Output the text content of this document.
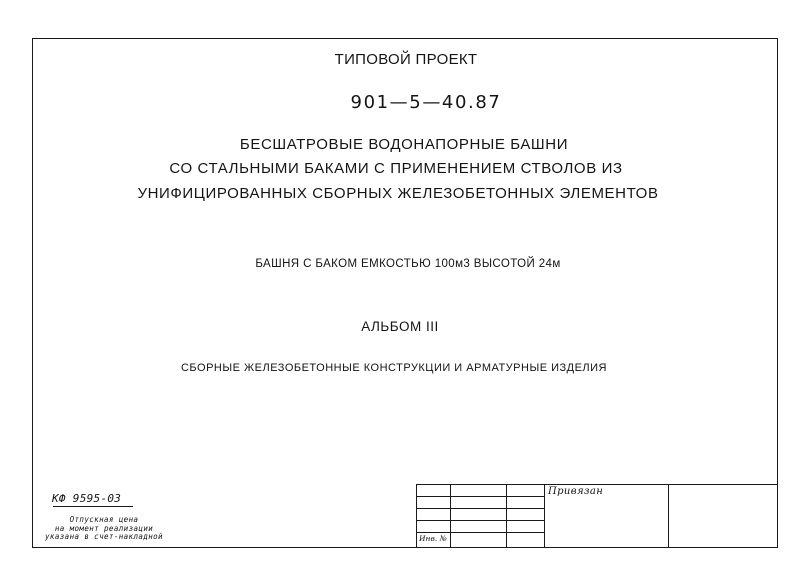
ТИПОВОЙ ПРОЕКТ
901—5—40.87
БЕСШАТРОВЫЕ ВОДОНАПОРНЫЕ БАШНИ
СО СТАЛЬНЫМИ БАКАМИ С ПРИМЕНЕНИЕМ СТВОЛОВ ИЗ
УНИФИЦИРОВАННЫХ СБОРНЫХ ЖЕЛЕЗОБЕТОННЫХ ЭЛЕМЕНТОВ
БАШНЯ С БАКОМ ЕМКОСТЬЮ 100м3 ВЫСОТОЙ 24м
АЛЬБОМ III
СБОРНЫЕ ЖЕЛЕЗОБЕТОННЫЕ КОНСТРУКЦИИ И АРМАТУРНЫЕ ИЗДЕЛИЯ
КФ 9595-03
Отпускная цена
на момент реализации
указана в счет-накладной
Привязан
Инв. №
